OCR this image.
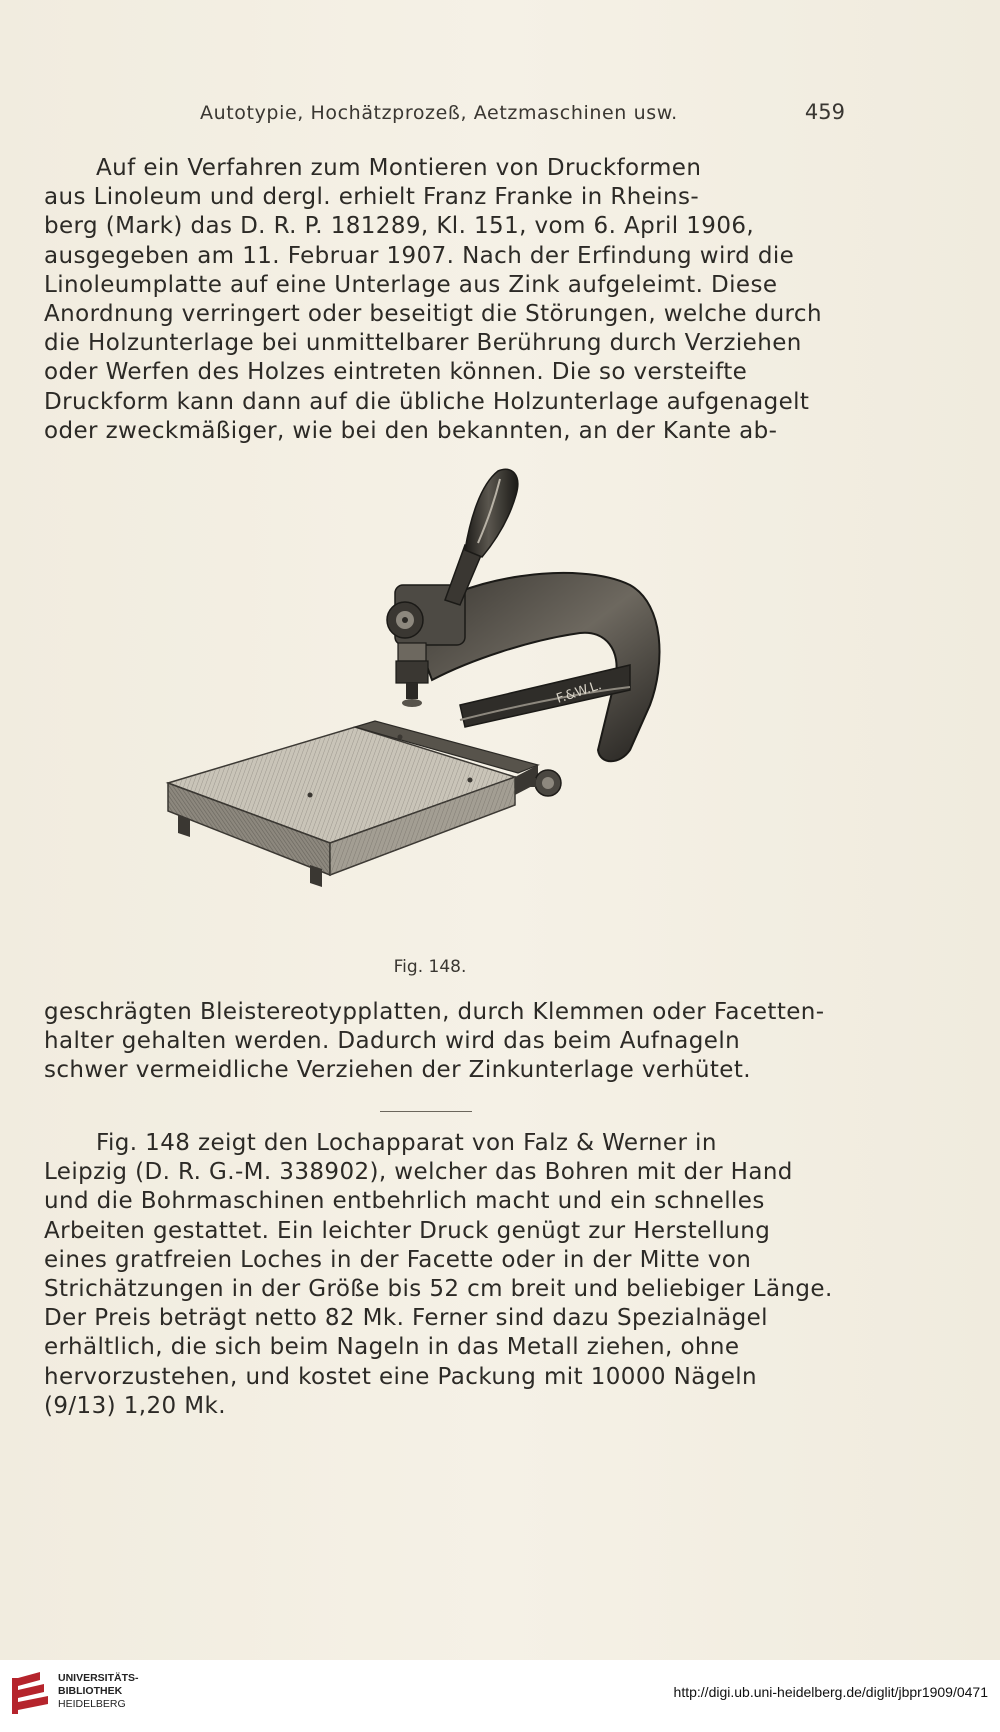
Autotypie, Hochätzprozeß, Aetzmaschinen usw.	459
Auf ein Verfahren zum Montieren von Druckformen
aus Linoleum und dergl. erhielt Franz Franke in Rheins-
berg (Mark) das D. R. P. 181289, Kl. 151, vom 6. April 1906,
ausgegeben am 11. Februar 1907. Nach der Erfindung wird die
Linoleumplatte auf eine Unterlage aus Zink aufgeleimt. Diese
Anordnung verringert oder beseitigt die Störungen, welche durch
die Holzunterlage bei unmittelbarer Berührung durch Verziehen
oder Werfen des Holzes eintreten können. Die so versteifte
Druckform kann dann auf die übliche Holzunterlage aufgenagelt
oder zweckmäßiger, wie bei den bekannten, an der Kante ab-
F.&W.L.
Fig. 148.
geschrägten Bleistereotypplatten, durch Klemmen oder Facetten-
halter gehalten werden. Dadurch wird das beim Aufnageln
schwer vermeidliche Verziehen der Zinkunterlage verhütet.
Fig. 148 zeigt den Lochapparat von Falz & Werner in
Leipzig (D. R. G.-M. 338902), welcher das Bohren mit der Hand
und die Bohrmaschinen entbehrlich macht und ein schnelles
Arbeiten gestattet. Ein leichter Druck genügt zur Herstellung
eines gratfreien Loches in der Facette oder in der Mitte von
Strichätzungen in der Größe bis 52 cm breit und beliebiger Länge.
Der Preis beträgt netto 82 Mk. Ferner sind dazu Spezialnägel
erhältlich, die sich beim Nageln in das Metall ziehen, ohne
hervorzustehen, und kostet eine Packung mit 10000 Nägeln
(9/13) 1,20 Mk.
UNIVERSITÄTS-
BIBLIOTHEK
HEIDELBERG
http://digi.ub.uni-heidelberg.de/diglit/jbpr1909/0471
